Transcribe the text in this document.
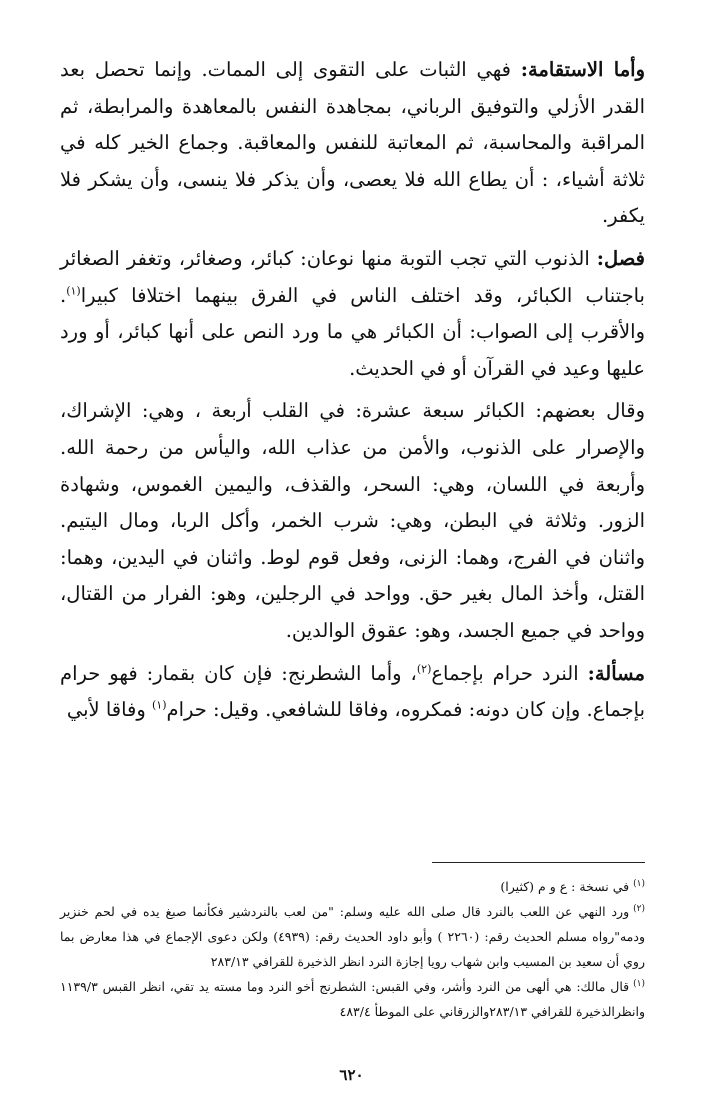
وأما الاستقامة: فهي الثبات على التقوى إلى الممات. وإنما تحصل بعد القدر الأزلي والتوفيق الرباني، بمجاهدة النفس بالمعاهدة والمرابطة، ثم المراقبة والمحاسبة، ثم المعاتبة للنفس والمعاقبة. وجماع الخير كله في ثلاثة أشياء، : أن يطاع الله فلا يعصى، وأن يذكر فلا ينسى، وأن يشكر فلا يكفر.

فصل: الذنوب التي تجب التوبة منها نوعان: كبائر، وصغائر، وتغفر الصغائر باجتناب الكبائر، وقد اختلف الناس في الفرق بينهما اختلافا كبيرا$^{(١)}$. والأقرب إلى الصواب: أن الكبائر هي ما ورد النص على أنها كبائر، أو ورد عليها وعيد في القرآن أو في الحديث.

وقال بعضهم: الكبائر سبعة عشرة: في القلب أربعة ، وهي: الإشراك، والإصرار على الذنوب، والأمن من عذاب الله، واليأس من رحمة الله. وأربعة في اللسان، وهي: السحر، والقذف، واليمين الغموس، وشهادة الزور. وثلاثة في البطن، وهي: شرب الخمر، وأكل الربا، ومال اليتيم. واثنان في الفرج، وهما: الزنى، وفعل قوم لوط. واثنان في اليدين، وهما: القتل، وأخذ المال بغير حق. وواحد في الرجلين، وهو: الفرار من القتال، وواحد في جميع الجسد، وهو: عقوق الوالدين.

مسألة: النرد حرام بإجماع$^{(٢)}$، وأما الشطرنج: فإن كان بقمار: فهو حرام بإجماع. وإن كان دونه: فمكروه، وفاقا للشافعي. وقيل: حرام$^{(١)}$ وفاقا لأبي

$^{(١)}$في نسخة : ع و م (كثيرا)

$^{(٢)}$ورد النهي عن اللعب بالنرد قال صلى الله عليه وسلم: "من لعب بالنردشير فكأنما صبغ يده في لحم خنزير ودمه"رواه مسلم الحديث رقم: (٢٢٦٠ ) وأبو داود الحديث رقم: (٤٩٣٩) ولكن دعوى الإجماع في هذا معارض بما روي أن سعيد بن المسيب وابن شهاب رويا إجازة النرد انظر الذخيرة للقرافي ٢٨٣/١٣

$^{(١)}$قال مالك: هي ألهى من النرد وأشر، وفي القبس: الشطرنج أخو النرد وما مسته يد تقي، انظر القبس ١١٣٩/٣ وانظرالذخيرة للقرافي ٢٨٣/١٣والزرقاني على الموطأ ٤٨٣/٤

٦٢٠
